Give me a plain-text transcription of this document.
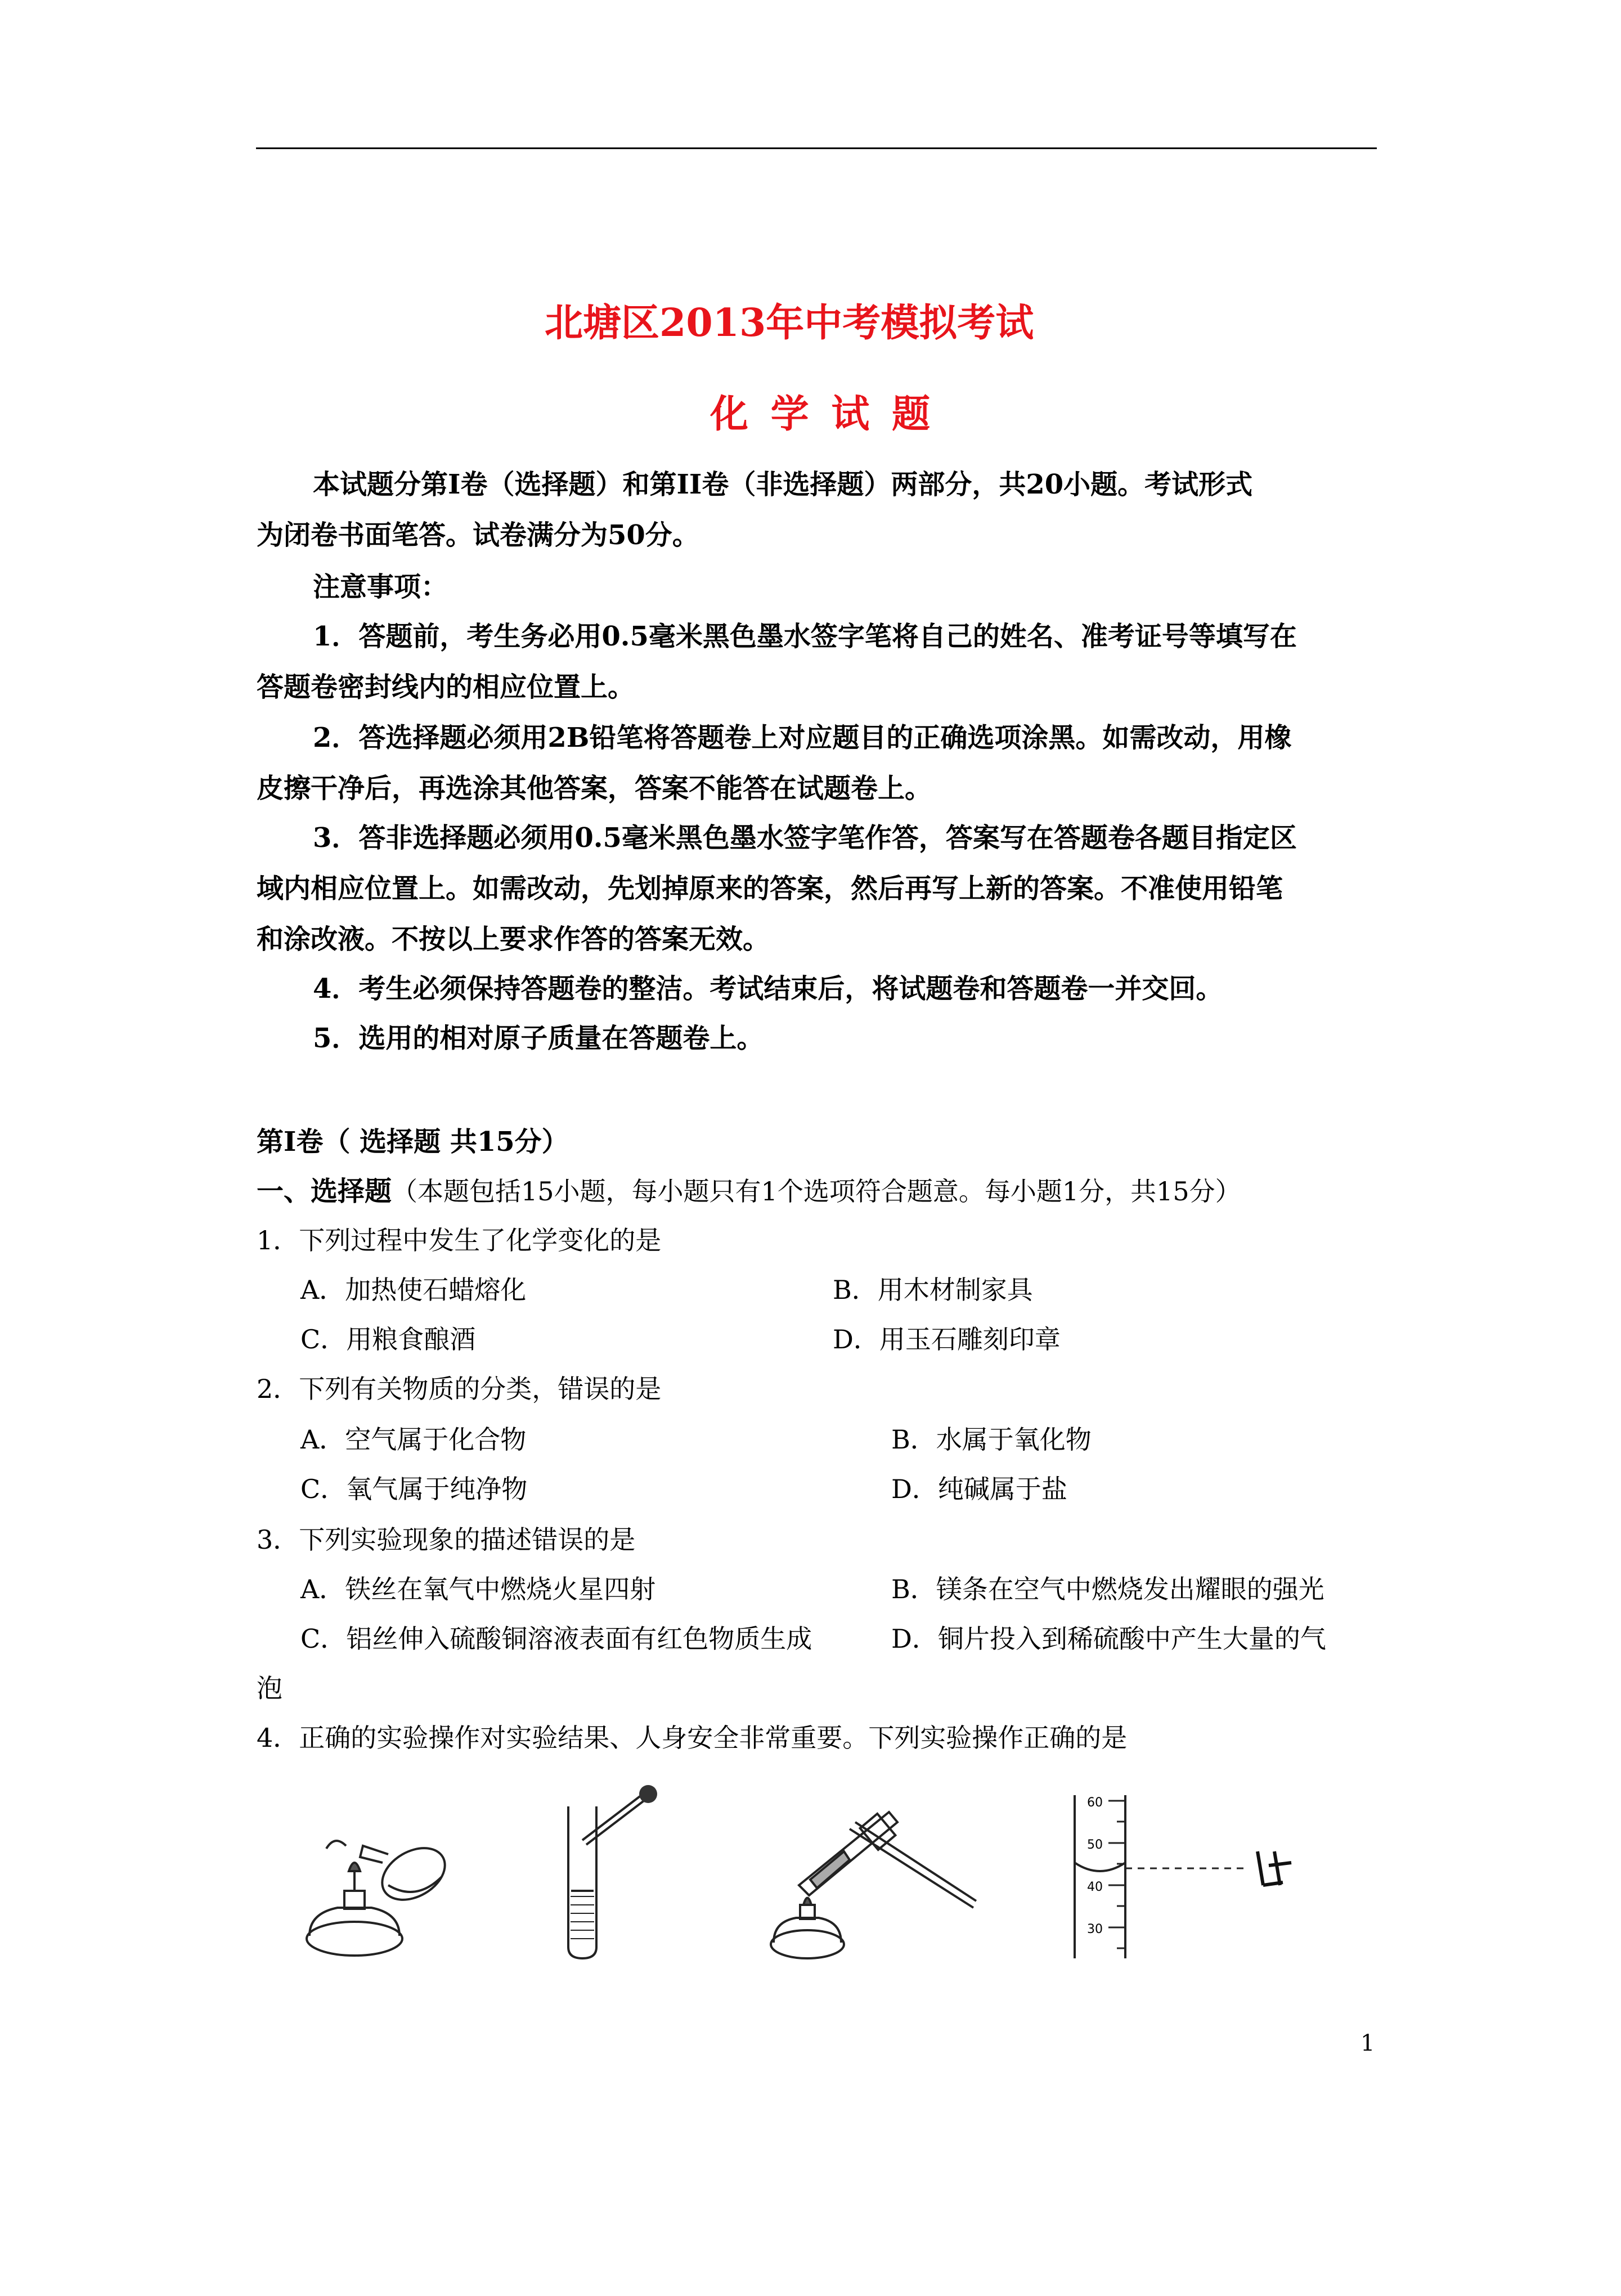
北塘区2013年中考模拟考试
化 学 试 题
本试题分第Ⅰ卷（选择题）和第II卷（非选择题）两部分，共20小题。考试形式
为闭卷书面笔答。试卷满分为50分。
注意事项：
1．答题前，考生务必用0.5毫米黑色墨水签字笔将自己的姓名、准考证号等填写在
答题卷密封线内的相应位置上。
2．答选择题必须用2B铅笔将答题卷上对应题目的正确选项涂黑。如需改动，用橡
皮擦干净后，再选涂其他答案，答案不能答在试题卷上。
3．答非选择题必须用0.5毫米黑色墨水签字笔作答，答案写在答题卷各题目指定区
域内相应位置上。如需改动，先划掉原来的答案，然后再写上新的答案。不准使用铅笔
和涂改液。不按以上要求作答的答案无效。
4．考生必须保持答题卷的整洁。考试结束后，将试题卷和答题卷一并交回。
5．选用的相对原子质量在答题卷上。
第Ⅰ卷（ 选择题 共15分）
一、选择题（本题包括15小题，每小题只有1个选项符合题意。每小题1分，共15分）
1．下列过程中发生了化学变化的是
A．加热使石蜡熔化	B．用木材制家具
C．用粮食酿酒	D．用玉石雕刻印章
2．下列有关物质的分类，错误的是
A．空气属于化合物	B．水属于氧化物
C．氧气属于纯净物	D．纯碱属于盐
3．下列实验现象的描述错误的是
A．铁丝在氧气中燃烧火星四射	B．镁条在空气中燃烧发出耀眼的强光
C．铝丝伸入硫酸铜溶液表面有红色物质生成	D．铜片投入到稀硫酸中产生大量的气
泡
4．正确的实验操作对实验结果、人身安全非常重要。下列实验操作正确的是
60
50
40
30
1
